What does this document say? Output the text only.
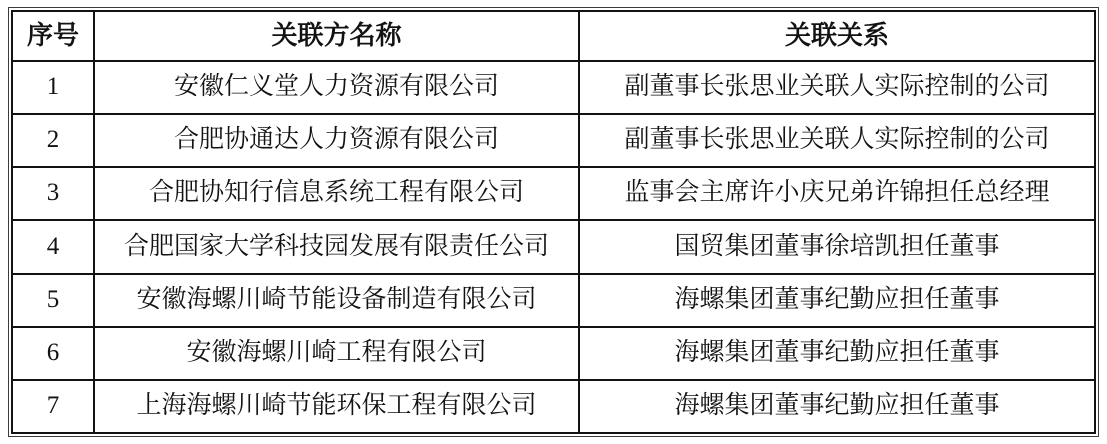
序号	关联方名称	关联关系
1	安徽仁义堂人力资源有限公司	副董事长张思业关联人实际控制的公司
2	合肥协通达人力资源有限公司	副董事长张思业关联人实际控制的公司
3	合肥协知行信息系统工程有限公司	监事会主席许小庆兄弟许锦担任总经理
4	合肥国家大学科技园发展有限责任公司	国贸集团董事徐培凯担任董事
5	安徽海螺川崎节能设备制造有限公司	海螺集团董事纪勤应担任董事
6	安徽海螺川崎工程有限公司	海螺集团董事纪勤应担任董事
7	上海海螺川崎节能环保工程有限公司	海螺集团董事纪勤应担任董事
